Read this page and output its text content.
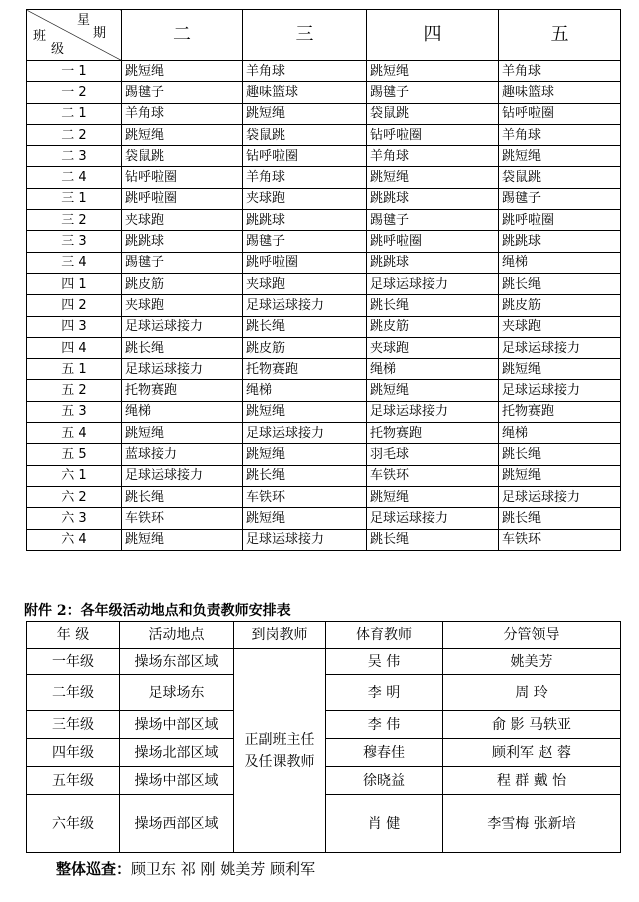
星
期
班
级	二	三	四	五
一 1	跳短绳	羊角球	跳短绳	羊角球
一 2	踢毽子	趣味篮球	踢毽子	趣味篮球
二 1	羊角球	跳短绳	袋鼠跳	钻呼啦圈
二 2	跳短绳	袋鼠跳	钻呼啦圈	羊角球
二 3	袋鼠跳	钻呼啦圈	羊角球	跳短绳
二 4	钻呼啦圈	羊角球	跳短绳	袋鼠跳
三 1	跳呼啦圈	夹球跑	跳跳球	踢毽子
三 2	夹球跑	跳跳球	踢毽子	跳呼啦圈
三 3	跳跳球	踢毽子	跳呼啦圈	跳跳球
三 4	踢毽子	跳呼啦圈	跳跳球	绳梯
四 1	跳皮筋	夹球跑	足球运球接力	跳长绳
四 2	夹球跑	足球运球接力	跳长绳	跳皮筋
四 3	足球运球接力	跳长绳	跳皮筋	夹球跑
四 4	跳长绳	跳皮筋	夹球跑	足球运球接力
五 1	足球运球接力	托物赛跑	绳梯	跳短绳
五 2	托物赛跑	绳梯	跳短绳	足球运球接力
五 3	绳梯	跳短绳	足球运球接力	托物赛跑
五 4	跳短绳	足球运球接力	托物赛跑	绳梯
五 5	蓝球接力	跳短绳	羽毛球	跳长绳
六 1	足球运球接力	跳长绳	车铁环	跳短绳
六 2	跳长绳	车铁环	跳短绳	足球运球接力
六 3	车铁环	跳短绳	足球运球接力	跳长绳
六 4	跳短绳	足球运球接力	跳长绳	车铁环
附件 2：各年级活动地点和负责教师安排表
年 级	活动地点	到岗教师	体育教师	分管领导
一年级	操场东部区域	正副班主任及任课教师	吴 伟	姚美芳
二年级	足球场东		李 明	周 玲
三年级	操场中部区域		李 伟	俞 影 马轶亚
四年级	操场北部区域		穆春佳	顾利军 赵 蓉
五年级	操场中部区域		徐晓益	程 群 戴 怡
六年级	操场西部区域		肖 健	李雪梅 张新培
整体巡查：顾卫东 祁 刚 姚美芳 顾利军
